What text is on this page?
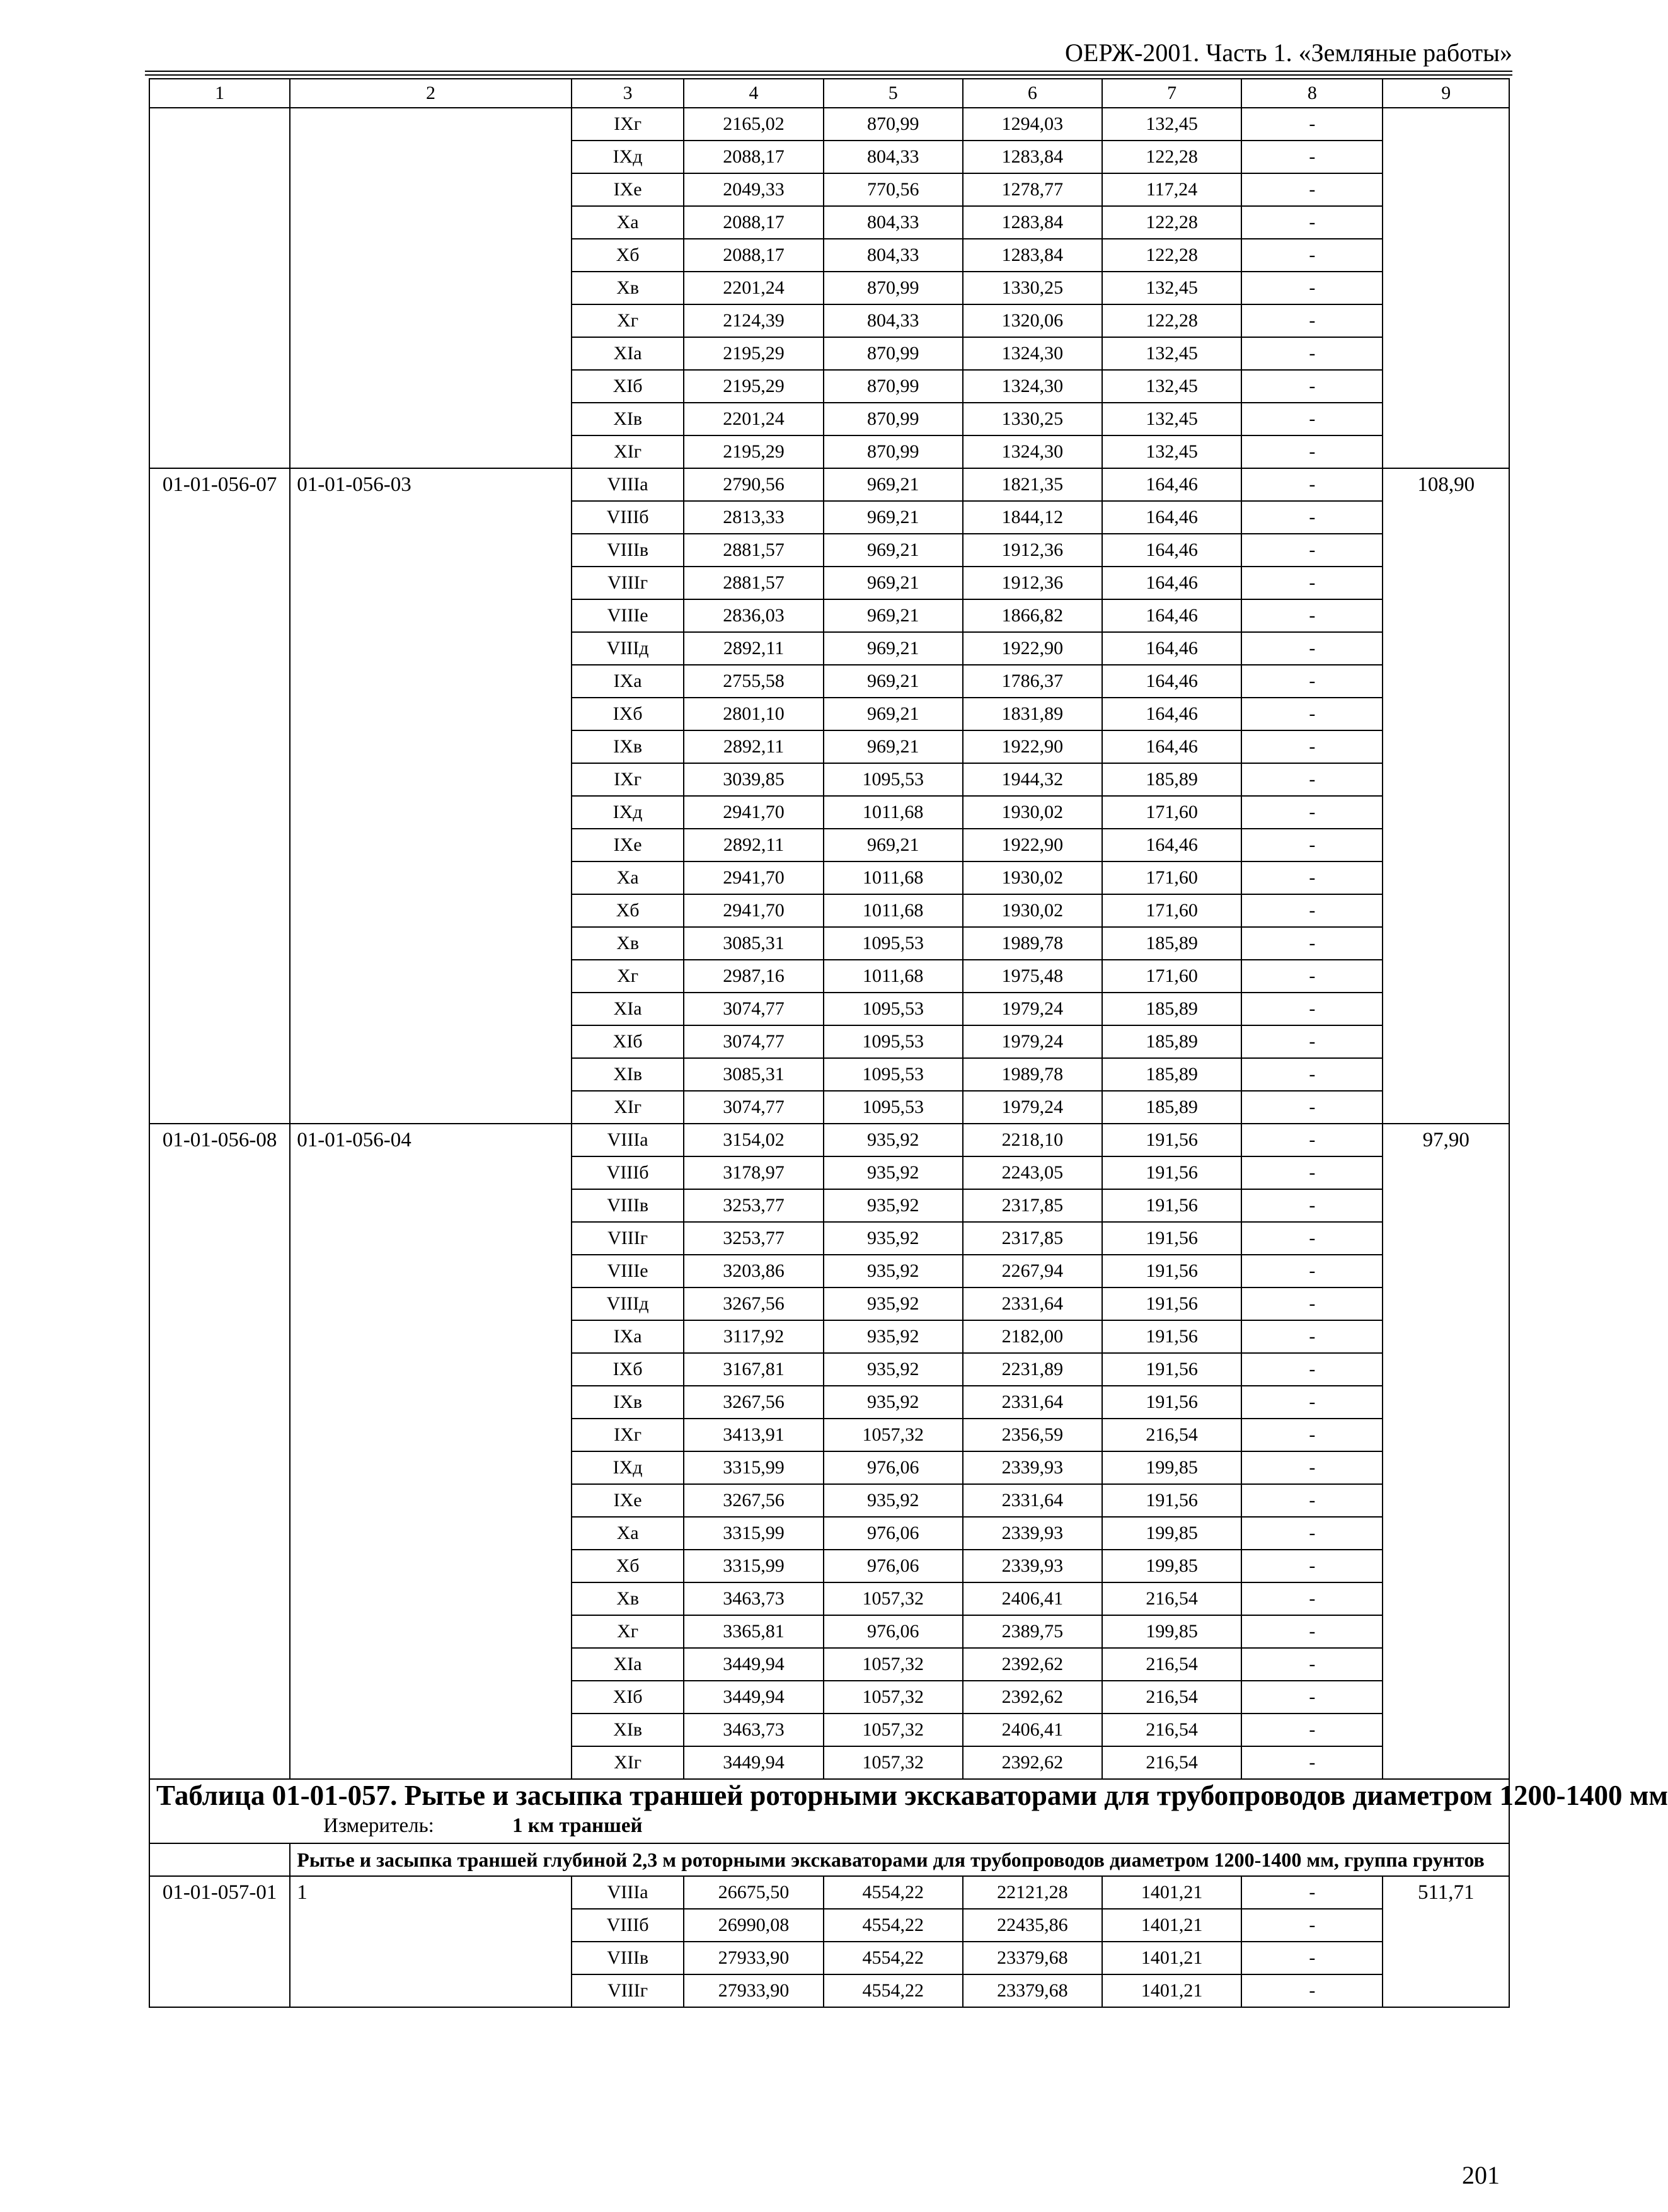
ОЕРЖ-2001. Часть 1. «Земляные работы»
1	2	3	4	5	6	7	8	9
		IXг	2165,02	870,99	1294,03	132,45	-	
		IXд	2088,17	804,33	1283,84	122,28	-	
		IXе	2049,33	770,56	1278,77	117,24	-	
		Xа	2088,17	804,33	1283,84	122,28	-	
		Xб	2088,17	804,33	1283,84	122,28	-	
		Xв	2201,24	870,99	1330,25	132,45	-	
		Xг	2124,39	804,33	1320,06	122,28	-	
		XIа	2195,29	870,99	1324,30	132,45	-	
		XIб	2195,29	870,99	1324,30	132,45	-	
		XIв	2201,24	870,99	1330,25	132,45	-	
		XIг	2195,29	870,99	1324,30	132,45	-	
01-01-056-07	01-01-056-03	VIIIа	2790,56	969,21	1821,35	164,46	-	108,90
		VIIIб	2813,33	969,21	1844,12	164,46	-	
		VIIIв	2881,57	969,21	1912,36	164,46	-	
		VIIIг	2881,57	969,21	1912,36	164,46	-	
		VIIIе	2836,03	969,21	1866,82	164,46	-	
		VIIIд	2892,11	969,21	1922,90	164,46	-	
		IXа	2755,58	969,21	1786,37	164,46	-	
		IXб	2801,10	969,21	1831,89	164,46	-	
		IXв	2892,11	969,21	1922,90	164,46	-	
		IXг	3039,85	1095,53	1944,32	185,89	-	
		IXд	2941,70	1011,68	1930,02	171,60	-	
		IXе	2892,11	969,21	1922,90	164,46	-	
		Xа	2941,70	1011,68	1930,02	171,60	-	
		Xб	2941,70	1011,68	1930,02	171,60	-	
		Xв	3085,31	1095,53	1989,78	185,89	-	
		Xг	2987,16	1011,68	1975,48	171,60	-	
		XIа	3074,77	1095,53	1979,24	185,89	-	
		XIб	3074,77	1095,53	1979,24	185,89	-	
		XIв	3085,31	1095,53	1989,78	185,89	-	
		XIг	3074,77	1095,53	1979,24	185,89	-	
01-01-056-08	01-01-056-04	VIIIа	3154,02	935,92	2218,10	191,56	-	97,90
		VIIIб	3178,97	935,92	2243,05	191,56	-	
		VIIIв	3253,77	935,92	2317,85	191,56	-	
		VIIIг	3253,77	935,92	2317,85	191,56	-	
		VIIIе	3203,86	935,92	2267,94	191,56	-	
		VIIIд	3267,56	935,92	2331,64	191,56	-	
		IXа	3117,92	935,92	2182,00	191,56	-	
		IXб	3167,81	935,92	2231,89	191,56	-	
		IXв	3267,56	935,92	2331,64	191,56	-	
		IXг	3413,91	1057,32	2356,59	216,54	-	
		IXд	3315,99	976,06	2339,93	199,85	-	
		IXе	3267,56	935,92	2331,64	191,56	-	
		Xа	3315,99	976,06	2339,93	199,85	-	
		Xб	3315,99	976,06	2339,93	199,85	-	
		Xв	3463,73	1057,32	2406,41	216,54	-	
		Xг	3365,81	976,06	2389,75	199,85	-	
		XIа	3449,94	1057,32	2392,62	216,54	-	
		XIб	3449,94	1057,32	2392,62	216,54	-	
		XIв	3463,73	1057,32	2406,41	216,54	-	
		XIг	3449,94	1057,32	2392,62	216,54	-	

Таблица 01-01-057. Рытье и засыпка траншей роторными экскаваторами для трубопроводов диаметром 1200-1400 мм
Измеритель: 1 км траншей								

	Рытье и засыпка траншей глубиной 2,3 м роторными экскаваторами для трубопроводов диаметром 1200-1400 мм, группа грунтов							
01-01-057-01	1	VIIIа	26675,50	4554,22	22121,28	1401,21	-	511,71
		VIIIб	26990,08	4554,22	22435,86	1401,21	-	
		VIIIв	27933,90	4554,22	23379,68	1401,21	-	
		VIIIг	27933,90	4554,22	23379,68	1401,21	-	
201
